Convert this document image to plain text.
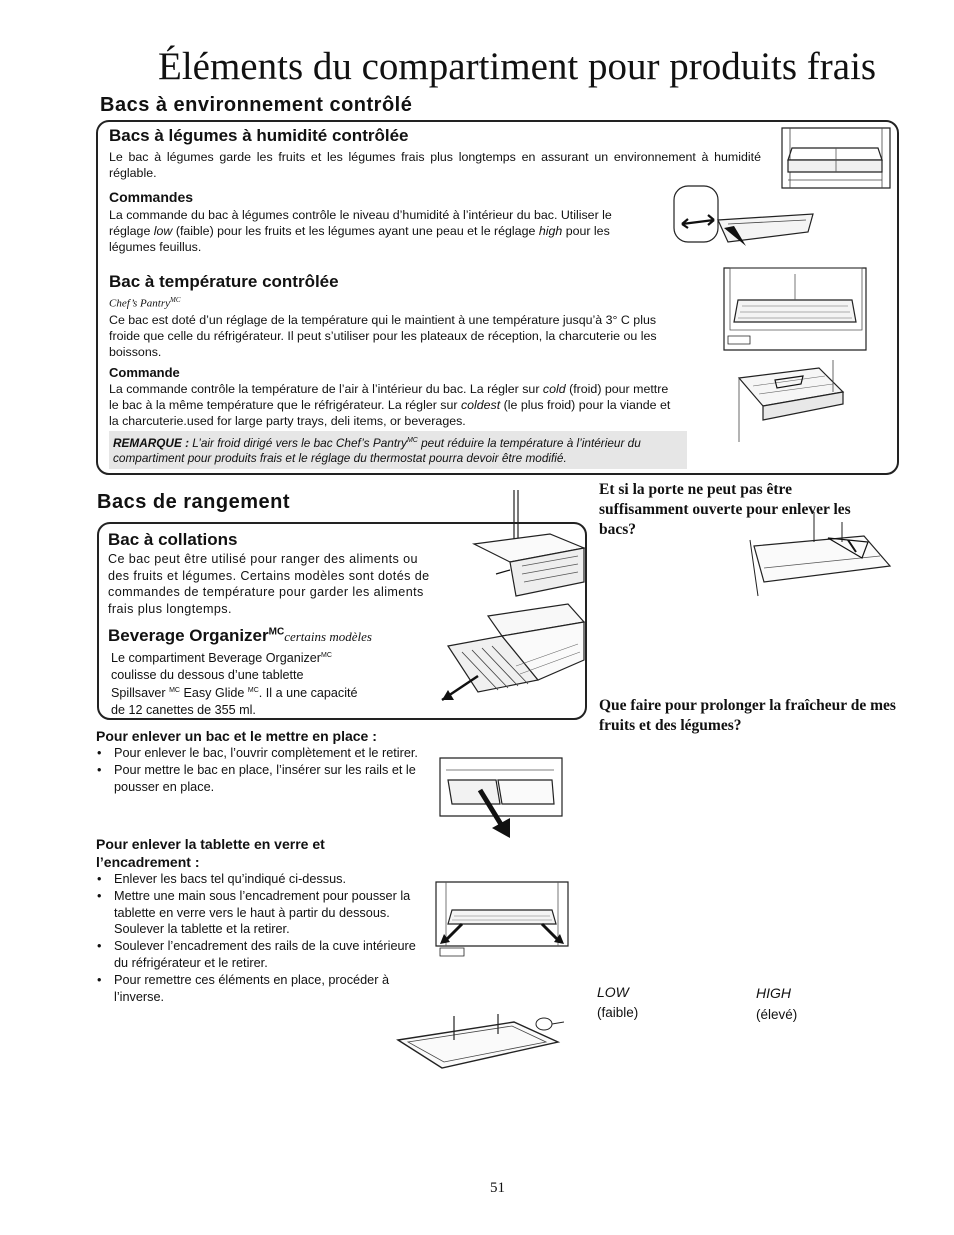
Éléments du compartiment pour produits frais
Bacs à environnement contrôlé
Bacs à légumes à humidité contrôlée
Le bac à légumes garde les fruits et les légumes frais plus longtemps en assurant un environnement à humidité réglable.
Commandes
La commande du bac à légumes contrôle le niveau d’humidité à l’intérieur du bac. Utiliser le réglage low (faible) pour les fruits et les légumes ayant une peau et le réglage high pour les légumes feuillus.
Bac à température contrôlée
Chef’s Pantry$^{MC}$
Ce bac est doté d’un réglage de la température qui le maintient à une température jusqu’à 3° C plus froide que celle du réfrigérateur. Il peut s’utiliser pour les plateaux de réception, la charcuterie ou les boissons.
Commande
La commande contrôle la température de l’air à l’intérieur du bac. La régler sur cold (froid) pour mettre le bac à la même température que le réfrigérateur. La régler sur coldest (le plus froid) pour la viande et la charcuterie.used for large party trays, deli items, or beverages.
REMARQUE : L’air froid dirigé vers le bac Chef’s Pantry$^{MC}$ peut réduire la température à l’intérieur du compartiment pour produits frais et le réglage du thermostat pourra devoir être modifié.
Bacs de rangement
Bac à collations
Ce bac peut être utilisé pour ranger des aliments ou des fruits et légumes. Certains modèles sont dotés de commandes de température pour garder les aliments frais plus longtemps.
Beverage Organizer$^{MC}$certains modèles
Le compartiment Beverage Organizer$^{MC}$
coulisse du dessous d’une tablette
Spillsaver $^{MC}$ Easy Glide $^{MC}$. Il a une capacité
de 12 canettes de 355 ml.
Pour enlever un bac et le mettre en place :
• Pour enlever le bac, l’ouvrir complètement et le retirer.
• Pour mettre le bac en place, l’insérer sur les rails et le pousser en place.
Pour enlever la tablette en verre et l’encadrement :
• Enlever les bacs tel qu’indiqué ci-dessus.
• Mettre une main sous l’encadrement pour pousser la tablette en verre vers le haut à partir du dessous. Soulever la tablette et la retirer.
• Soulever l’encadrement des rails de la cuve intérieure du réfrigérateur et le retirer.
• Pour remettre ces éléments en place, procéder à l’inverse.
Et si la porte ne peut pas être suffisamment ouverte pour enlever les bacs?
Que faire pour prolonger la fraîcheur de mes fruits et des légumes?
LOW
(faible)
HIGH
(élevé)
51
